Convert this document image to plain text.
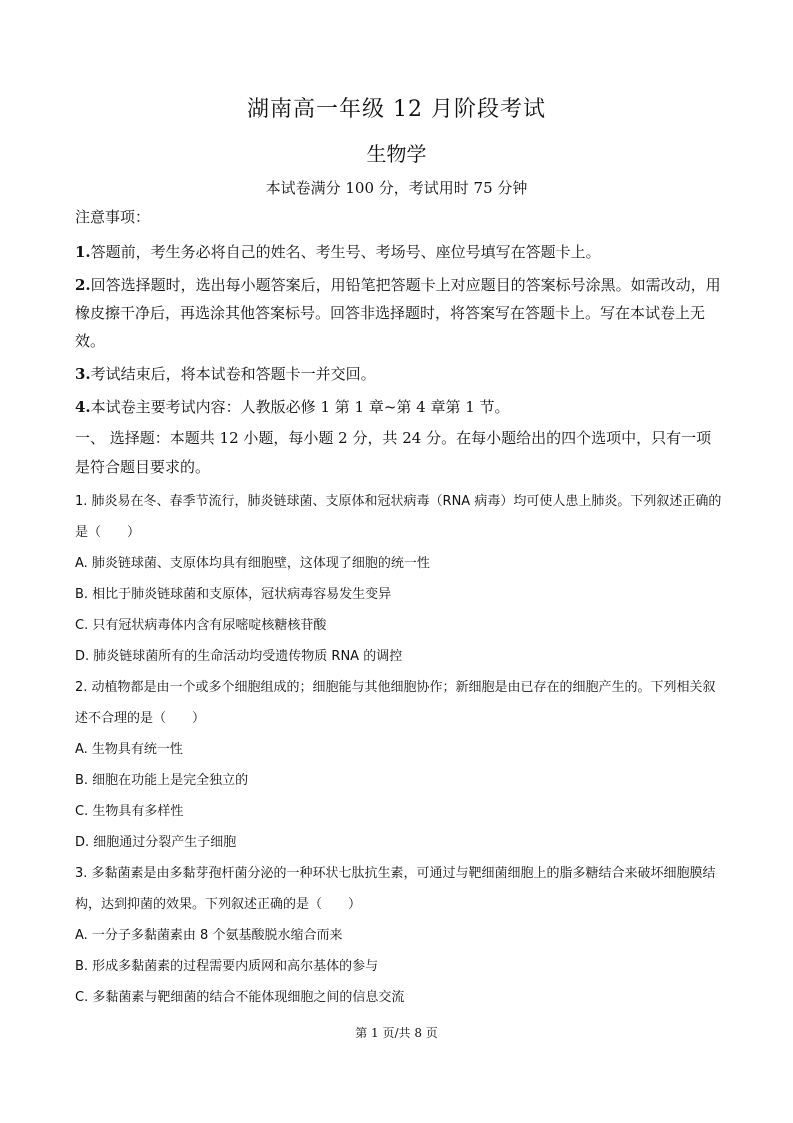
湖南高一年级 12 月阶段考试
生物学
本试卷满分 100 分，考试用时 75 分钟
注意事项：
1.答题前，考生务必将自己的姓名、考生号、考场号、座位号填写在答题卡上。
2.回答选择题时，选出每小题答案后，用铅笔把答题卡上对应题目的答案标号涂黑。如需改动，用橡皮擦干净后，再选涂其他答案标号。回答非选择题时，将答案写在答题卡上。写在本试卷上无效。
3.考试结束后，将本试卷和答题卡一并交回。
4.本试卷主要考试内容：人教版必修 1 第 1 章~第 4 章第 1 节。
一、 选择题：本题共 12 小题，每小题 2 分，共 24 分。在每小题给出的四个选项中，只有一项是符合题目要求的。
1. 肺炎易在冬、春季节流行，肺炎链球菌、支原体和冠状病毒（RNA 病毒）均可使人患上肺炎。下列叙述正确的是（　　）
A. 肺炎链球菌、支原体均具有细胞壁，这体现了细胞的统一性
B. 相比于肺炎链球菌和支原体，冠状病毒容易发生变异
C. 只有冠状病毒体内含有尿嘧啶核糖核苷酸
D. 肺炎链球菌所有的生命活动均受遗传物质 RNA 的调控
2. 动植物都是由一个或多个细胞组成的；细胞能与其他细胞协作；新细胞是由已存在的细胞产生的。下列相关叙述不合理的是（　　）
A. 生物具有统一性
B. 细胞在功能上是完全独立的
C. 生物具有多样性
D. 细胞通过分裂产生子细胞
3. 多黏菌素是由多黏芽孢杆菌分泌的一种环状七肽抗生素，可通过与靶细菌细胞上的脂多糖结合来破坏细胞膜结构，达到抑菌的效果。下列叙述正确的是（　　）
A. 一分子多黏菌素由 8 个氨基酸脱水缩合而来
B. 形成多黏菌素的过程需要内质网和高尔基体的参与
C. 多黏菌素与靶细菌的结合不能体现细胞之间的信息交流
第 1 页/共 8 页
